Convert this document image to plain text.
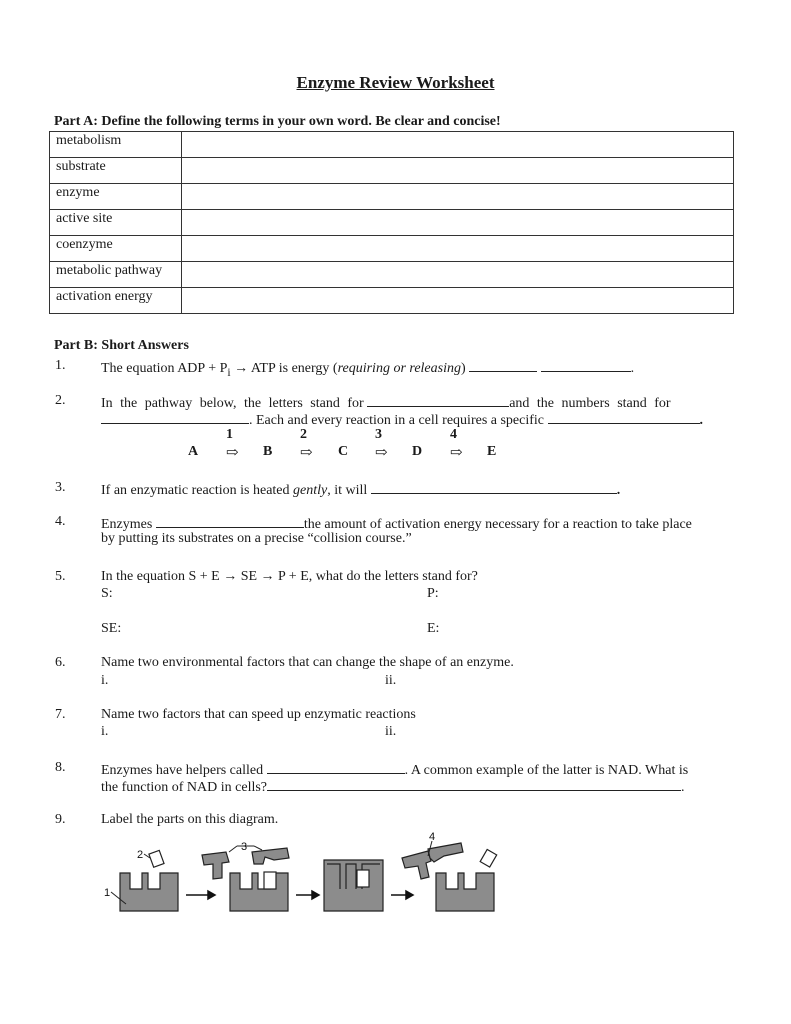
Enzyme Review Worksheet
Part A: Define the following terms in your own word. Be clear and concise!
metabolism	
substrate	
enzyme	
active site	
coenzyme	
metabolic pathway	
activation energy	
Part B: Short Answers
1.	The equation ADP + $P_i$ → ATP is energy (requiring or releasing)	.
2.	In the pathway below, the letters stand for	and the numbers stand for
. Each and every reaction in a cell requires a specific	.
1	2	3	4
A ⇨ B ⇨ C ⇨ D ⇨ E
3.	If an enzymatic reaction is heated gently, it will	.
4.	Enzymes	the amount of activation energy necessary for a reaction to take place
by putting its substrates on a precise “collision course.”
5.	In the equation S + E → SE → P + E, what do the letters stand for?
S:	P:
SE:	E:
6.	Name two environmental factors that can change the shape of an enzyme.
i.	ii.
7.	Name two factors that can speed up enzymatic reactions
i.	ii.
8.	Enzymes have helpers called	. A common example of the latter is NAD. What is
the function of NAD in cells?	.
9.	Label the parts on this diagram.
1
2
3
4
